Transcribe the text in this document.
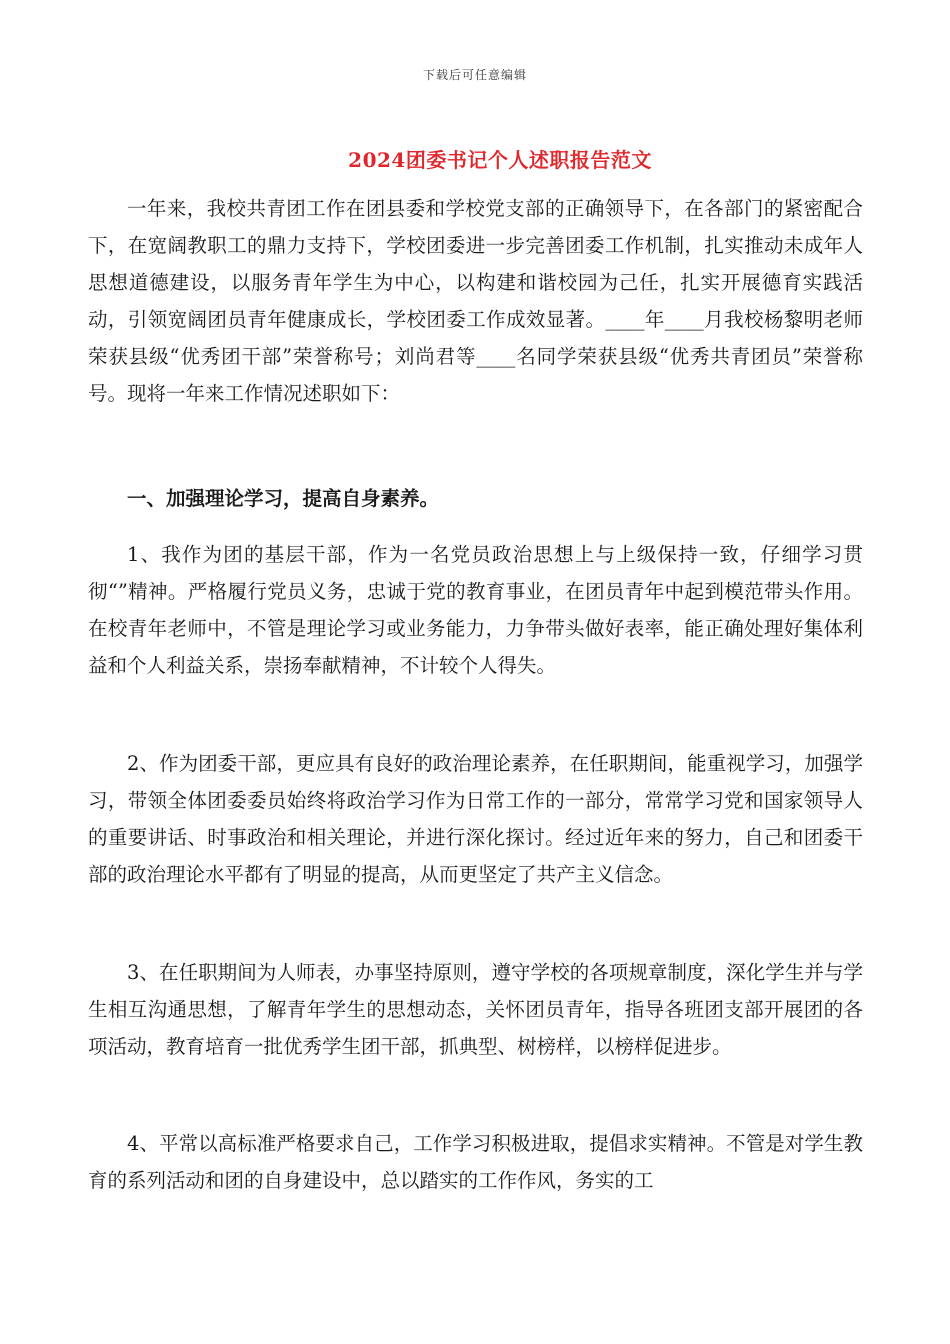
下载后可任意编辑
2024团委书记个人述职报告范文

一年来，我校共青团工作在团县委和学校党支部的正确领导下，在各部门的紧密配合下，在宽阔教职工的鼎力支持下，学校团委进一步完善团委工作机制，扎实推动未成年人思想道德建设，以服务青年学生为中心，以构建和谐校园为己任，扎实开展德育实践活动，引领宽阔团员青年健康成长，学校团委工作成效显著。____年____月我校杨黎明老师荣获县级“优秀团干部”荣誉称号；刘尚君等____名同学荣获县级“优秀共青团员”荣誉称号。现将一年来工作情况述职如下：

一、加强理论学习，提高自身素养。

1、我作为团的基层干部，作为一名党员政治思想上与上级保持一致，仔细学习贯彻“”精神。严格履行党员义务，忠诚于党的教育事业，在团员青年中起到模范带头作用。在校青年老师中，不管是理论学习或业务能力，力争带头做好表率，能正确处理好集体利益和个人利益关系，崇扬奉献精神，不计较个人得失。

2、作为团委干部，更应具有良好的政治理论素养，在任职期间，能重视学习，加强学习，带领全体团委委员始终将政治学习作为日常工作的一部分，常常学习党和国家领导人的重要讲话、时事政治和相关理论，并进行深化探讨。经过近年来的努力，自己和团委干部的政治理论水平都有了明显的提高，从而更坚定了共产主义信念。

3、在任职期间为人师表，办事坚持原则，遵守学校的各项规章制度，深化学生并与学生相互沟通思想，了解青年学生的思想动态，关怀团员青年，指导各班团支部开展团的各项活动，教育培育一批优秀学生团干部，抓典型、树榜样，以榜样促进步。

4、平常以高标准严格要求自己，工作学习积极进取，提倡求实精神。不管是对学生教育的系列活动和团的自身建设中，总以踏实的工作作风，务实的工
